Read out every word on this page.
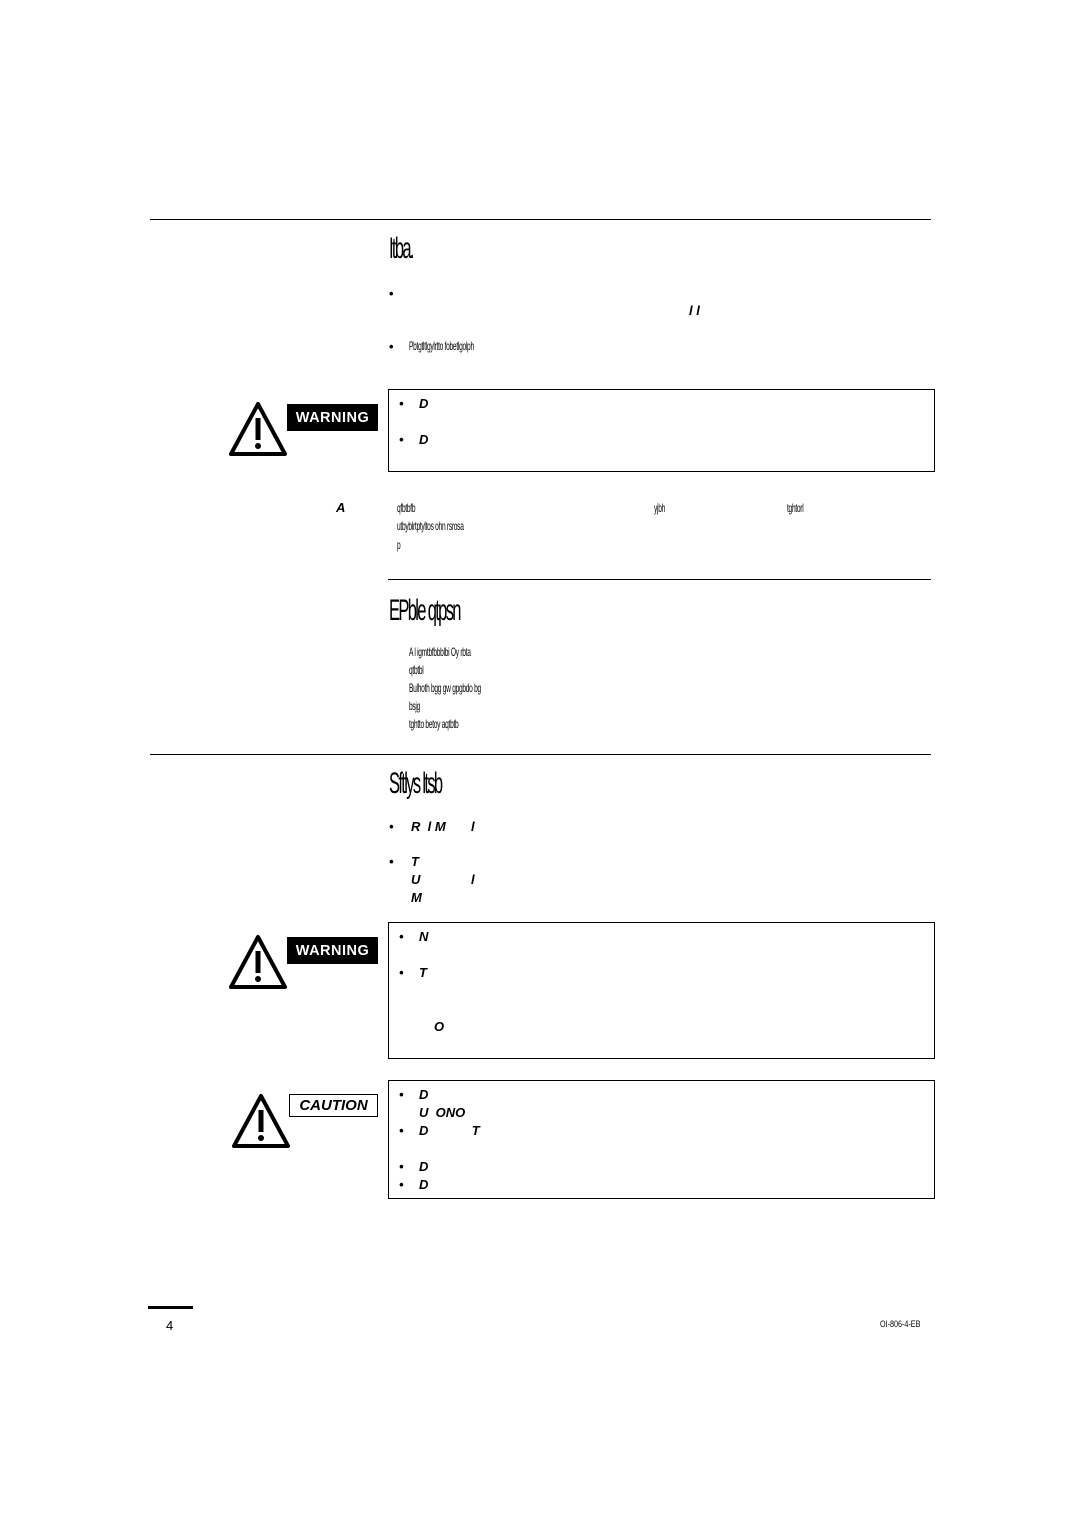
Itba.
•
l l
• Pbtgtltlgylrtto fobetlgolph
WARNING
• D
• D
A	qfbtbfb	yjbh	tghtorl
utbyblrtptyltos ohn rsrosa
p
EPble qtpsn
A l igmtbfbbblbi Oy rbta
qtbtbl
Bulhoth bgg gw gpgbdo bg
bsjg
tghtto betoy aqtbtb
Sftlys ltsb
• R  l M       l
• T
U              l
M
WARNING
• N
• T
O
CAUTION
• D
U  ONO
• D            T
• D
• D
4	OI-806-4-EB
